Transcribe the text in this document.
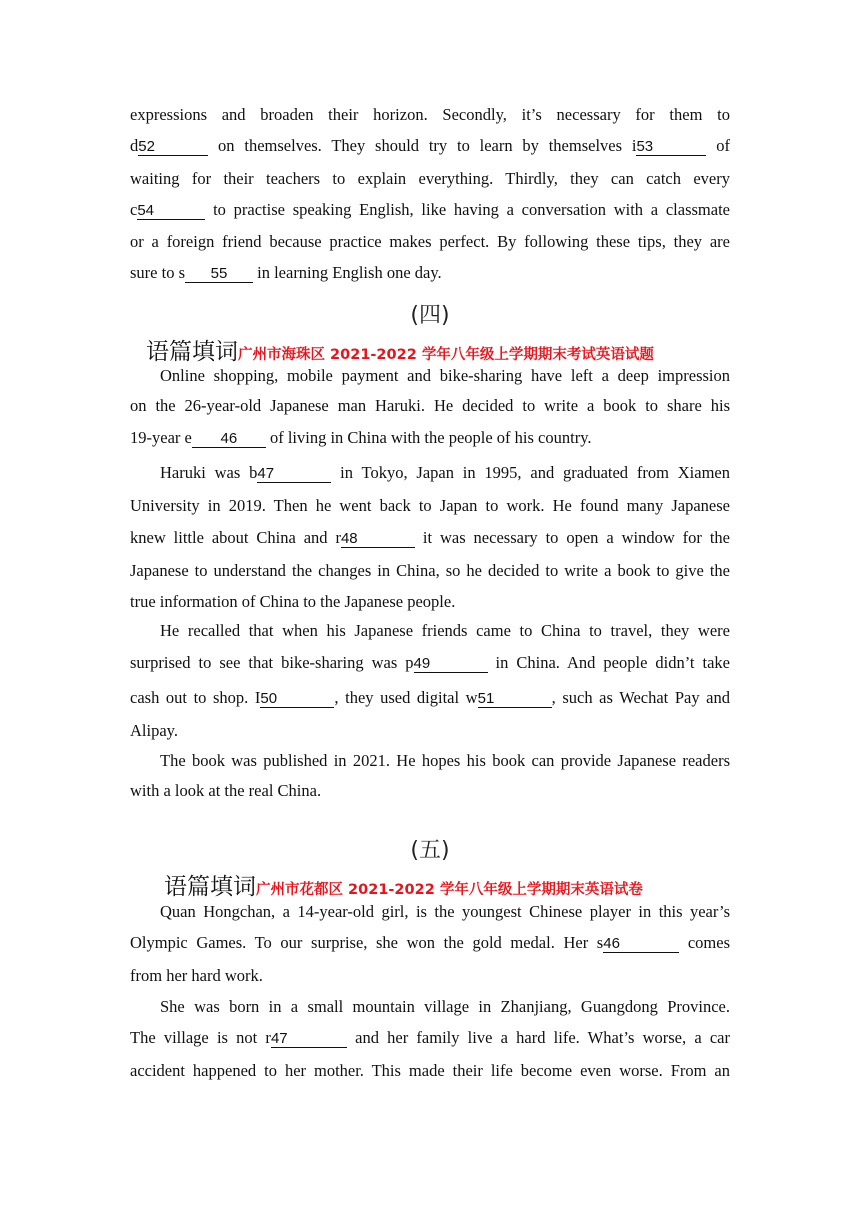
expressions and broaden their horizon. Secondly, it’s necessary for them to
d52	on themselves. They should try to learn by themselves i53	of
waiting for their teachers to explain everything. Thirdly, they can catch every
c54	to practise speaking English, like having a conversation with a classmate
or a foreign friend because practice makes perfect. By following these tips, they are
sure to s 55 in learning English one day.
(四)
语篇填词广州市海珠区 2021-2022 学年八年级上学期期末考试英语试题
Online shopping, mobile payment and bike-sharing have left a deep impression
on the 26-year-old Japanese man Haruki. He decided to write a book to share his
19-year e 46 of living in China with the people of his country.
Haruki was b47	in Tokyo, Japan in 1995, and graduated from Xiamen
University in 2019. Then he went back to Japan to work. He found many Japanese
knew little about China and r48	it was necessary to open a window for the
Japanese to understand the changes in China, so he decided to write a book to give the
true information of China to the Japanese people.
He recalled that when his Japanese friends came to China to travel, they were
surprised to see that bike-sharing was p49	in China. And people didn’t take
cash out to shop. I50	, they used digital w51	, such as Wechat Pay and
Alipay.
The book was published in 2021. He hopes his book can provide Japanese readers
with a look at the real China.
(五)
语篇填词广州市花都区 2021-2022 学年八年级上学期期末英语试卷
Quan Hongchan, a 14-year-old girl, is the youngest Chinese player in this year’s
Olympic Games. To our surprise, she won the gold medal. Her s46	comes
from her hard work.
She was born in a small mountain village in Zhanjiang, Guangdong Province.
The village is not r47	and her family live a hard life. What’s worse, a car
accident happened to her mother. This made their life become even worse. From an
